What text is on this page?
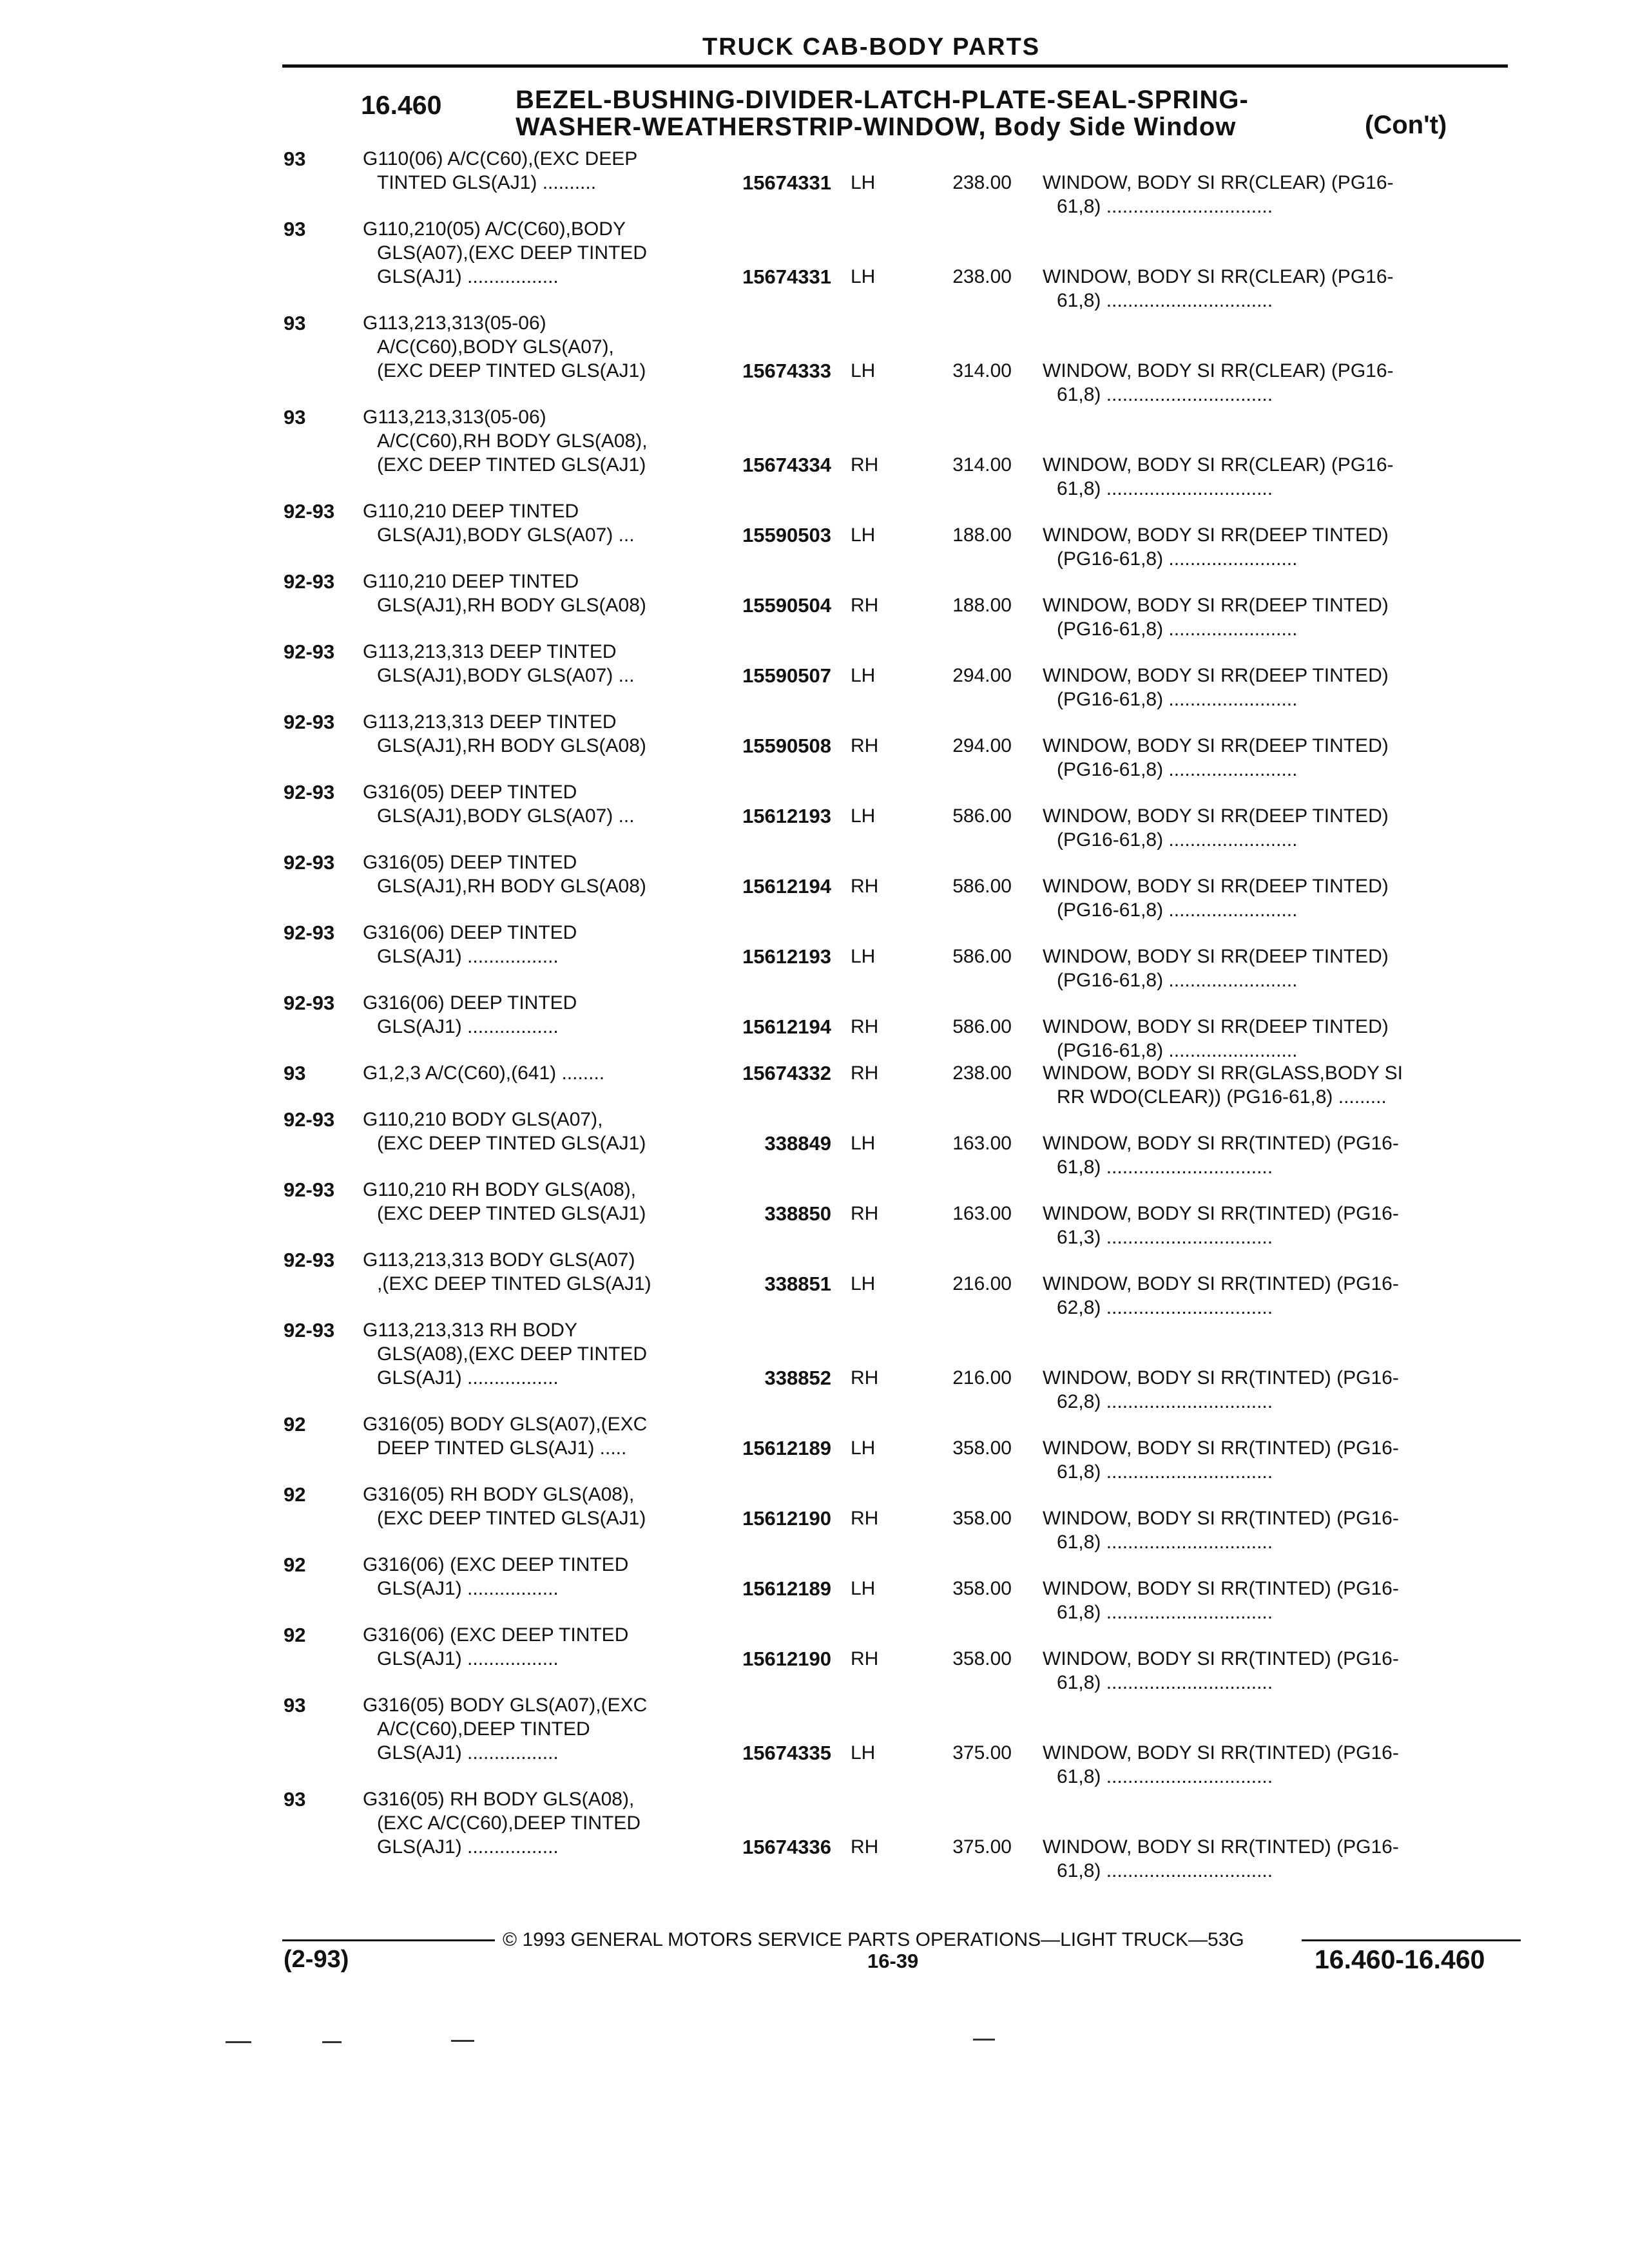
TRUCK CAB-BODY PARTS
16.460	BEZEL-BUSHING-DIVIDER-LATCH-PLATE-SEAL-SPRING-
WASHER-WEATHERSTRIP-WINDOW, Body Side Window	(Con't)
93	G110(06) A/C(C60),(EXC DEEP
TINTED GLS(AJ1) ..........	15674331 LH	238.00 WINDOW, BODY SI RR(CLEAR) (PG16-
61,8) ...............................
93	G110,210(05) A/C(C60),BODY
GLS(A07),(EXC DEEP TINTED
GLS(AJ1) .................	15674331 LH	238.00 WINDOW, BODY SI RR(CLEAR) (PG16-
61,8) ...............................
93	G113,213,313(05-06)
A/C(C60),BODY GLS(A07),
(EXC DEEP TINTED GLS(AJ1)	15674333 LH	314.00 WINDOW, BODY SI RR(CLEAR) (PG16-
61,8) ...............................
93	G113,213,313(05-06)
A/C(C60),RH BODY GLS(A08),
(EXC DEEP TINTED GLS(AJ1)	15674334 RH	314.00 WINDOW, BODY SI RR(CLEAR) (PG16-
61,8) ...............................
92-93 G110,210 DEEP TINTED
GLS(AJ1),BODY GLS(A07) ...	15590503 LH	188.00 WINDOW, BODY SI RR(DEEP TINTED)
(PG16-61,8) ........................
92-93 G110,210 DEEP TINTED
GLS(AJ1),RH BODY GLS(A08)	15590504 RH	188.00 WINDOW, BODY SI RR(DEEP TINTED)
(PG16-61,8) ........................
92-93 G113,213,313 DEEP TINTED
GLS(AJ1),BODY GLS(A07) ...	15590507 LH	294.00 WINDOW, BODY SI RR(DEEP TINTED)
(PG16-61,8) ........................
92-93 G113,213,313 DEEP TINTED
GLS(AJ1),RH BODY GLS(A08)	15590508 RH	294.00 WINDOW, BODY SI RR(DEEP TINTED)
(PG16-61,8) ........................
92-93 G316(05) DEEP TINTED
GLS(AJ1),BODY GLS(A07) ...	15612193 LH	586.00 WINDOW, BODY SI RR(DEEP TINTED)
(PG16-61,8) ........................
92-93 G316(05) DEEP TINTED
GLS(AJ1),RH BODY GLS(A08)	15612194 RH	586.00 WINDOW, BODY SI RR(DEEP TINTED)
(PG16-61,8) ........................
92-93 G316(06) DEEP TINTED
GLS(AJ1) .................	15612193 LH	586.00 WINDOW, BODY SI RR(DEEP TINTED)
(PG16-61,8) ........................
92-93 G316(06) DEEP TINTED
GLS(AJ1) .................	15612194 RH	586.00 WINDOW, BODY SI RR(DEEP TINTED)
(PG16-61,8) ........................
93	G1,2,3 A/C(C60),(641) ........	15674332 RH	238.00 WINDOW, BODY SI RR(GLASS,BODY SI
RR WDO(CLEAR)) (PG16-61,8) .........
92-93 G110,210 BODY GLS(A07),
(EXC DEEP TINTED GLS(AJ1)	338849 LH	163.00 WINDOW, BODY SI RR(TINTED) (PG16-
61,8) ...............................
92-93 G110,210 RH BODY GLS(A08),
(EXC DEEP TINTED GLS(AJ1)	338850 RH	163.00 WINDOW, BODY SI RR(TINTED) (PG16-
61,3) ...............................
92-93 G113,213,313 BODY GLS(A07)
,(EXC DEEP TINTED GLS(AJ1)	338851 LH	216.00 WINDOW, BODY SI RR(TINTED) (PG16-
62,8) ...............................
92-93 G113,213,313 RH BODY
GLS(A08),(EXC DEEP TINTED
GLS(AJ1) .................	338852 RH	216.00 WINDOW, BODY SI RR(TINTED) (PG16-
62,8) ...............................
92	G316(05) BODY GLS(A07),(EXC
DEEP TINTED GLS(AJ1) .....	15612189 LH	358.00 WINDOW, BODY SI RR(TINTED) (PG16-
61,8) ...............................
92	G316(05) RH BODY GLS(A08),
(EXC DEEP TINTED GLS(AJ1)	15612190 RH	358.00 WINDOW, BODY SI RR(TINTED) (PG16-
61,8) ...............................
92	G316(06) (EXC DEEP TINTED
GLS(AJ1) .................	15612189 LH	358.00 WINDOW, BODY SI RR(TINTED) (PG16-
61,8) ...............................
92	G316(06) (EXC DEEP TINTED
GLS(AJ1) .................	15612190 RH	358.00 WINDOW, BODY SI RR(TINTED) (PG16-
61,8) ...............................
93	G316(05) BODY GLS(A07),(EXC
A/C(C60),DEEP TINTED
GLS(AJ1) .................	15674335 LH	375.00 WINDOW, BODY SI RR(TINTED) (PG16-
61,8) ...............................
93	G316(05) RH BODY GLS(A08),
(EXC A/C(C60),DEEP TINTED
GLS(AJ1) .................	15674336 RH	375.00 WINDOW, BODY SI RR(TINTED) (PG16-
61,8) ...............................
© 1993 GENERAL MOTORS SERVICE PARTS OPERATIONS—LIGHT TRUCK—53G
(2-93)	16-39	16.460-16.460
